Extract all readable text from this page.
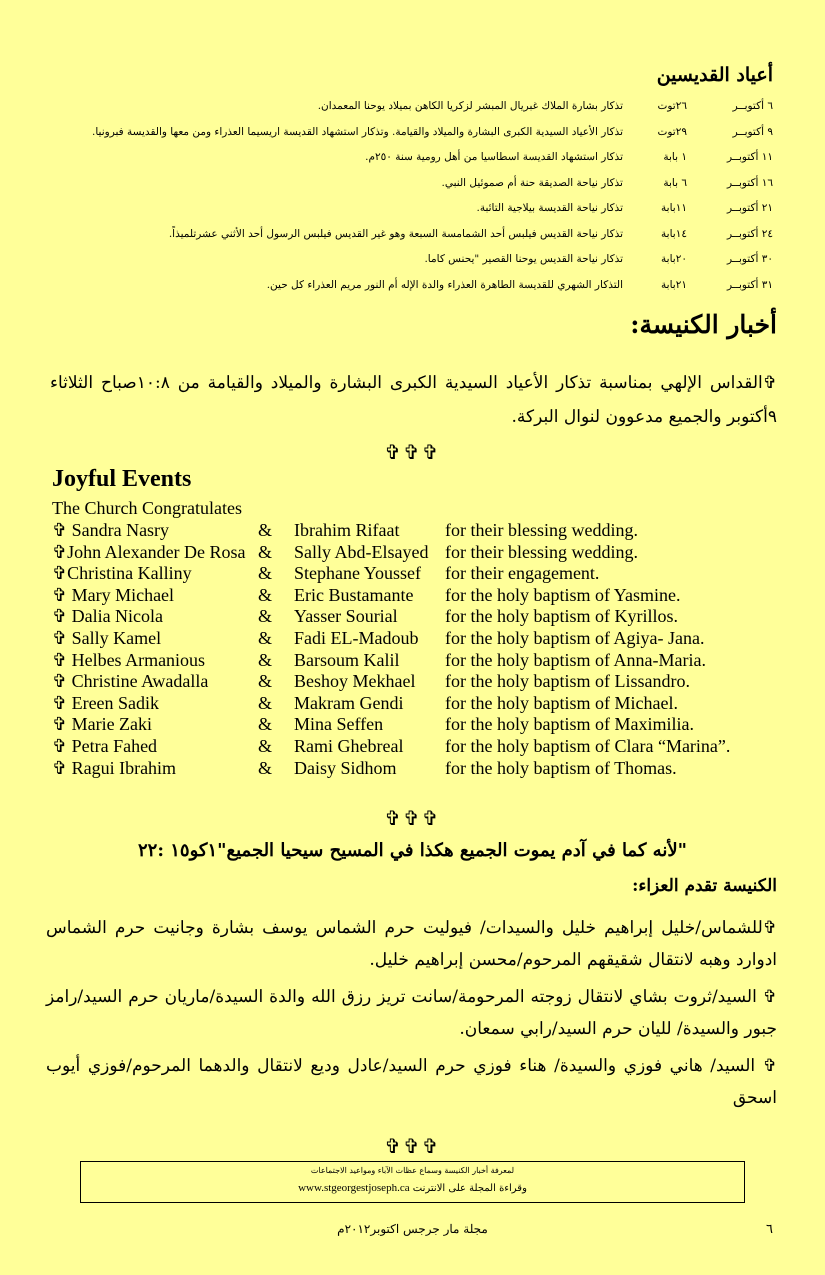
أعياد القديسين
٦ أكتوبــر
٢٦توت
تذكار بشارة الملاك غبريال المبشر لزكريا الكاهن بميلاد يوحنا المعمدان.
٩ أكتوبــر
٢٩توت
تذكار الأعياد السيدية الكبرى البشارة والميلاد والقيامة. وتذكار استشهاد القديسة اريسيما العذراء ومن معها والقديسة فبرونيا.
١١ أكتوبــر
١ بابة
تذكار استشهاد القديسة اسطاسيا من أهل رومية سنة ٢٥٠م.
١٦ أكتوبــر
٦ بابة
تذكار نياحة الصديقة حنة أم صموئيل النبي.
٢١ أكتوبــر
١١بابة
تذكار نياحة القديسة بيلاجية التائبة.
٢٤ أكتوبــر
١٤بابة
تذكار نياحة القديس فيلبس أحد الشمامسة السبعة وهو غير القديس فيلبس الرسول أحد الأثني عشرتلميذاً.
٣٠ أكتوبــر
٢٠بابة
تذكار نياحة القديس يوحنا القصير "يحنس كاما.
٣١ أكتوبــر
٢١بابة
التذكار الشهري للقديسة الطاهرة العذراء والدة الإله أم النور مريم العذراء كل حين.
أخبار الكنيسة:
✞القداس الإلهي بمناسبة تذكار الأعياد السيدية الكبرى البشارة والميلاد والقيامة من ١٠:٨صباح الثلاثاء ٩أكتوبر والجميع مدعوون لنوال البركة.
✞✞✞
Joyful Events
The Church Congratulates
✞ Sandra Nasry	& Ibrahim Rifaat	for their blessing wedding.
✞John Alexander De Rosa & Sally Abd-Elsayed for their blessing wedding.
✞Christina Kalliny	& Stephane Youssef for their engagement.
✞ Mary Michael	& Eric Bustamante for the holy baptism of Yasmine.
✞ Dalia Nicola	& Yasser Sourial	for the holy baptism of Kyrillos.
✞ Sally Kamel	& Fadi EL-Madoub for the holy baptism of Agiya- Jana.
✞ Helbes Armanious	& Barsoum Kalil	for the holy baptism of Anna-Maria.
✞ Christine Awadalla	& Beshoy Mekhael for the holy baptism of Lissandro.
✞ Ereen Sadik	& Makram Gendi for the holy baptism of Michael.
✞ Marie Zaki	& Mina Seffen	for the holy baptism of Maximilia.
✞ Petra Fahed	& Rami Ghebreal for the holy baptism of Clara “Marina”.
✞ Ragui Ibrahim	& Daisy Sidhom	for the holy baptism of Thomas.
✞✞✞
"لأنه كما في آدم يموت الجميع هكذا في المسيح سيحيا الجميع"١كو١٥ :٢٢
الكنيسة تقدم العزاء:
✞للشماس/خليل إبراهيم خليل والسيدات/ فيوليت حرم الشماس يوسف بشارة وجانيت حرم الشماس ادوارد وهبه لانتقال شقيقهم المرحوم/محسن إبراهيم خليل.
✞ السيد/ثروت بشاي لانتقال زوجته المرحومة/سانت تريز رزق الله والدة السيدة/ماريان حرم السيد/رامز جبور والسيدة/ لليان حرم السيد/رابي سمعان.
✞ السيد/ هاني فوزي والسيدة/ هناء فوزي حرم السيد/عادل وديع لانتقال والدهما المرحوم/فوزي أيوب اسحق
✞✞✞
لمعرفة أخبار الكنيسة وسماع عظات الآباء ومواعيد الاجتماعات
www.stgeorgestjoseph.ca وقراءة المجلة على الانترنت
٦
مجلة مار جرجس اكتوبر٢٠١٢م
